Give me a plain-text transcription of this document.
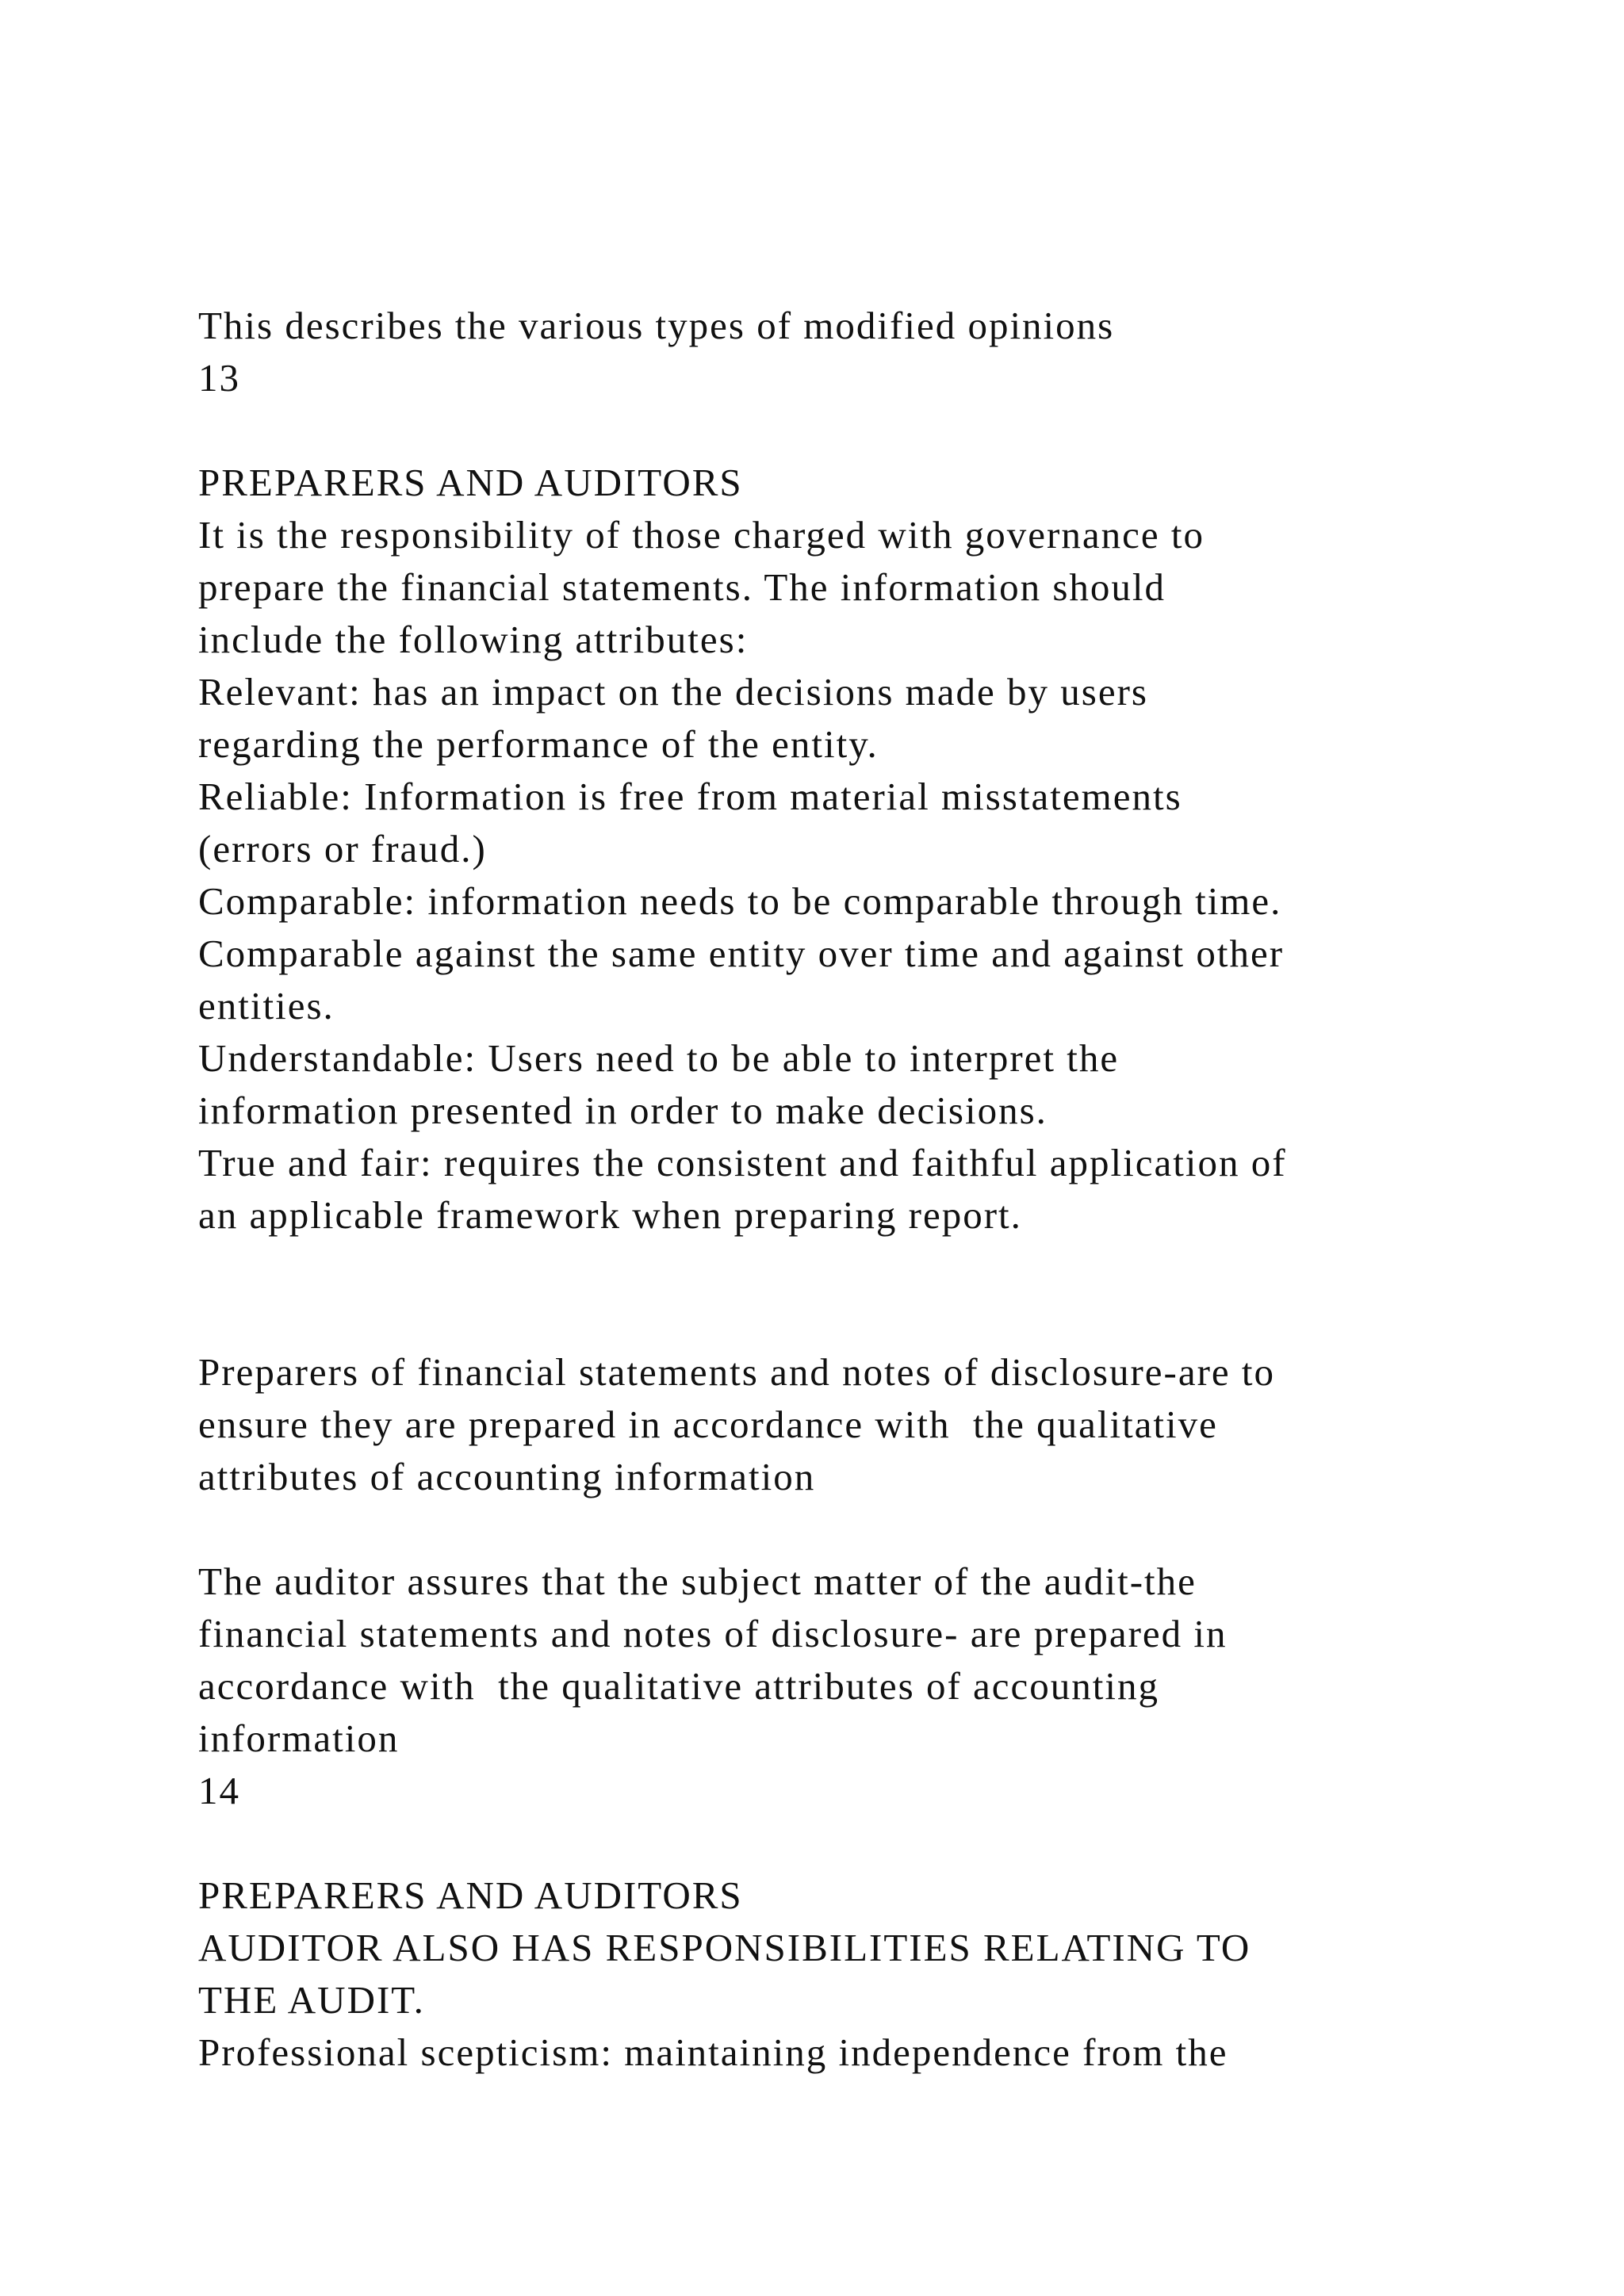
This describes the various types of modified opinions
13
PREPARERS AND AUDITORS
It is the responsibility of those charged with governance to
prepare the financial statements. The information should
include the following attributes:
Relevant: has an impact on the decisions made by users
regarding the performance of the entity.
Reliable: Information is free from material misstatements
(errors or fraud.)
Comparable: information needs to be comparable through time.
Comparable against the same entity over time and against other
entities.
Understandable: Users need to be able to interpret the
information presented in order to make decisions.
True and fair: requires the consistent and faithful application of
an applicable framework when preparing report.
Preparers of financial statements and notes of disclosure-are to
ensure they are prepared in accordance with  the qualitative
attributes of accounting information
The auditor assures that the subject matter of the audit-the
financial statements and notes of disclosure- are prepared in
accordance with  the qualitative attributes of accounting
information
14
PREPARERS AND AUDITORS
AUDITOR ALSO HAS RESPONSIBILITIES RELATING TO
THE AUDIT.
Professional scepticism: maintaining independence from the
